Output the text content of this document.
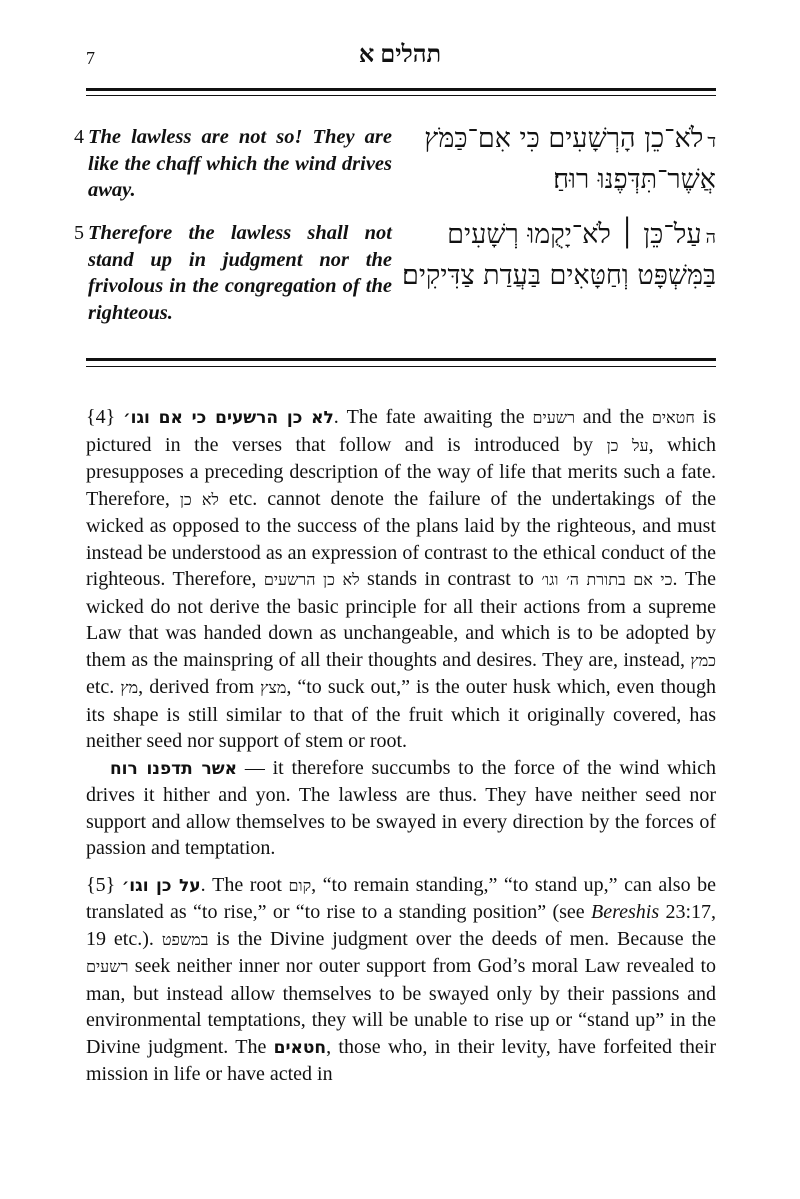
7	תהלים א
4 The lawless are not so! They are like the chaff which the wind drives away.
דלֹא־כֵן הָרְשָׁעִים כִּי אִם־כַּמֹּץ
אֲשֶׁר־תִּדְּפֶנּוּ רוּחַ׃
5 Therefore the lawless shall not stand up in judgment nor the frivolous in the congregation of the righteous.
העַל־כֵּן ׀ לֹא־יָקֻמוּ רְשָׁעִים
בַּמִּשְׁפָּט וְחַטָּאִים בַּעֲדַת צַדִּיקִים׃

{4} לא כן הרשעים כי אם וגו׳. The fate awaiting the רשעים and the חטאים is pictured in the verses that follow and is introduced by על כן, which presupposes a preceding description of the way of life that merits such a fate. Therefore, לא כן etc. cannot denote the failure of the undertakings of the wicked as opposed to the success of the plans laid by the righteous, and must instead be understood as an expression of contrast to the ethical conduct of the righteous. Therefore, לא כן הרשעים stands in contrast to כי אם בתורת ה׳ וגו׳. The wicked do not derive the basic principle for all their actions from a supreme Law that was handed down as unchangeable, and which is to be adopted by them as the mainspring of all their thoughts and desires. They are, instead, כמץ etc. מץ, derived from מצץ, “to suck out,” is the outer husk which, even though its shape is still similar to that of the fruit which it originally covered, has neither seed nor support of stem or root.

אשר תדפנו רוח — it therefore succumbs to the force of the wind which drives it hither and yon. The lawless are thus. They have neither seed nor support and allow themselves to be swayed in every direction by the forces of passion and temptation.

{5} על כן וגו׳. The root קום, “to remain standing,” “to stand up,” can also be translated as “to rise,” or “to rise to a standing position” (see Bereshis 23:17, 19 etc.). במשפט is the Divine judgment over the deeds of men. Because the רשעים seek neither inner nor outer support from God’s moral Law revealed to man, but instead allow themselves to be swayed only by their passions and environmental temptations, they will be unable to rise up or “stand up” in the Divine judgment. The חטאים, those who, in their levity, have forfeited their mission in life or have acted in
